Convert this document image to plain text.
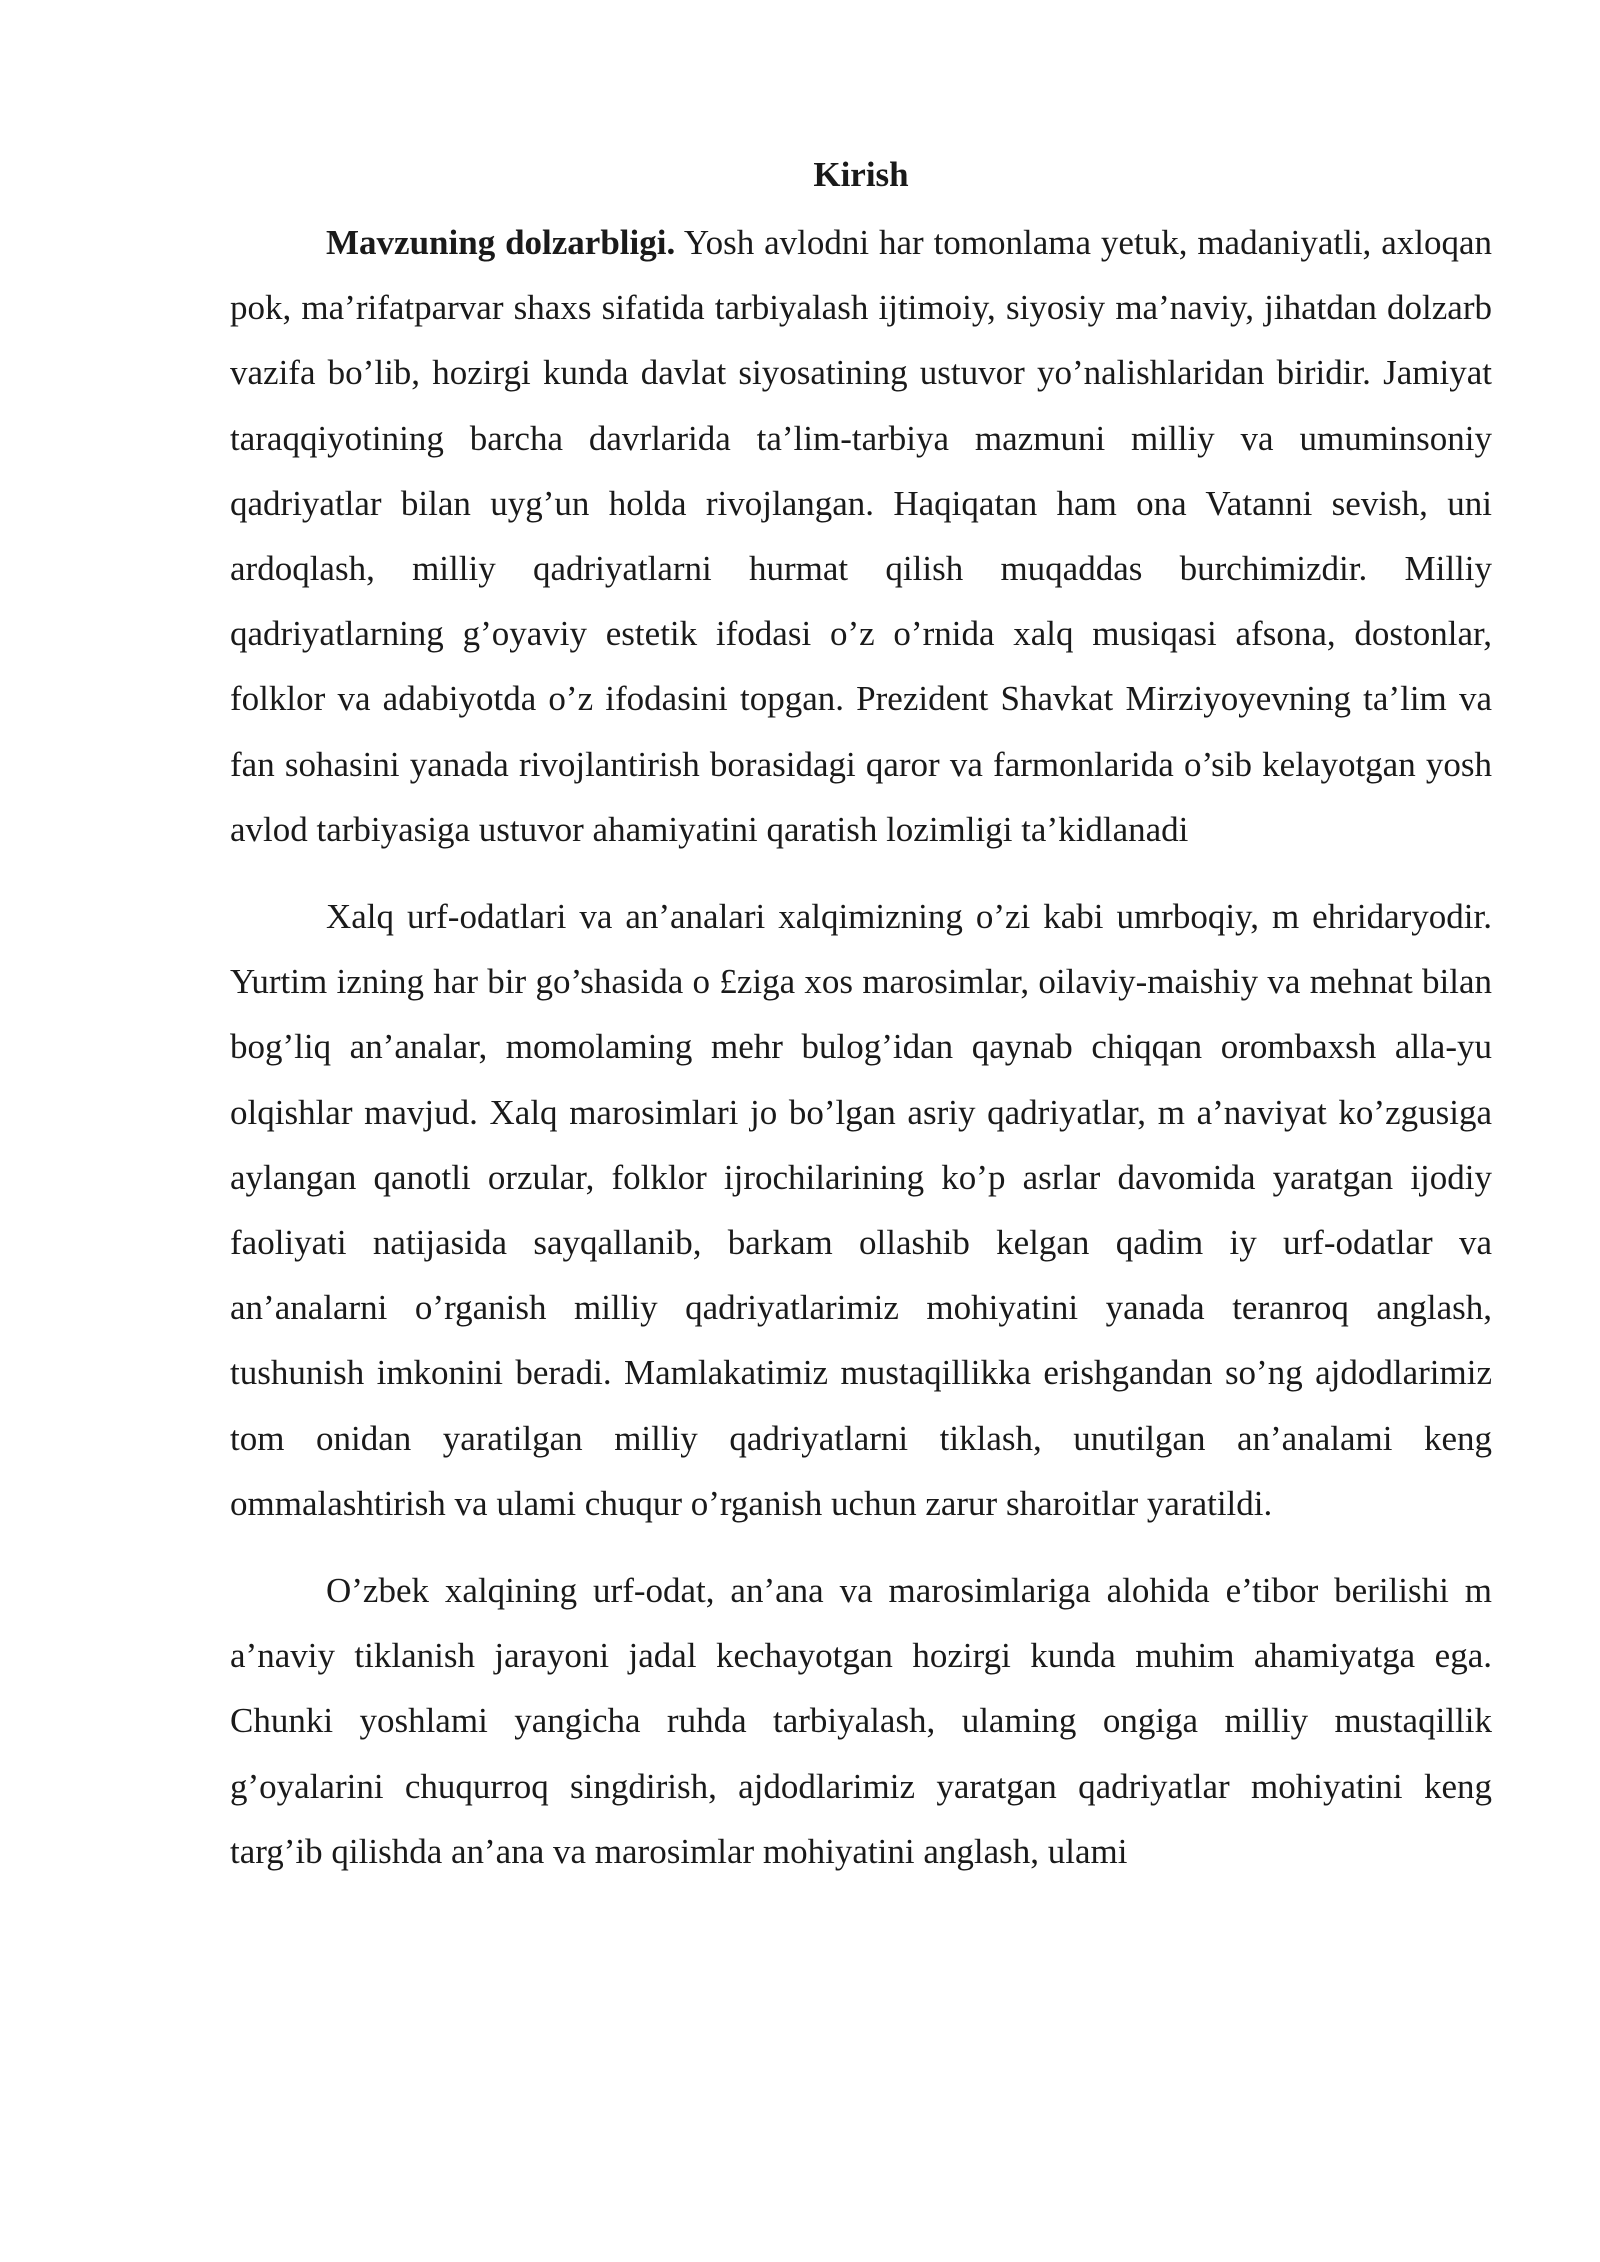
Kirish

Mavzuning dolzarbligi. Yosh avlodni har tomonlama yetuk, madaniyatli, axloqan pok, ma’rifatparvar shaxs sifatida tarbiyalash ijtimoiy, siyosiy ma’naviy, jihatdan dolzarb vazifa bo’lib, hozirgi kunda davlat siyosatining ustuvor yo’nalishlaridan biridir. Jamiyat taraqqiyotining barcha davrlarida ta’lim-tarbiya mazmuni milliy va umuminsoniy qadriyatlar bilan uyg’un holda rivojlangan. Haqiqatan ham ona Vatanni sevish, uni ardoqlash, milliy qadriyatlarni hurmat qilish muqaddas burchimizdir. Milliy qadriyatlarning g’oyaviy estetik ifodasi o’z o’rnida xalq musiqasi afsona, dostonlar, folklor va adabiyotda o’z ifodasini topgan. Prezident Shavkat Mirziyoyevning ta’lim va fan sohasini yanada rivojlantirish borasidagi qaror va farmonlarida o’sib kelayotgan yosh avlod tarbiyasiga ustuvor ahamiyatini qaratish lozimligi ta’kidlanadi

Xalq urf-odatlari va an’analari xalqimizning o’zi kabi umrboqiy, m ehridaryodir. Yurtim izning har bir go’shasida o £ziga xos marosimlar, oilaviy-maishiy va mehnat bilan bog’liq an’analar, momolaming mehr bulog’idan qaynab chiqqan orombaxsh alla-yu olqishlar mavjud. Xalq marosimlari jo bo’lgan asriy qadriyatlar, m a’naviyat ko’zgusiga aylangan qanotli orzular, folklor ijrochilarining ko’p asrlar davomida yaratgan ijodiy faoliyati natijasida sayqallanib, barkam ollashib kelgan qadim iy urf-odatlar va an’analarni o’rganish milliy qadriyatlarimiz mohiyatini yanada teranroq anglash, tushunish imkonini beradi. Mamlakatimiz mustaqillikka erishgandan so’ng ajdodlarimiz tom onidan yaratilgan milliy qadriyatlarni tiklash, unutilgan an’analami keng ommalashtirish va ulami chuqur o’rganish uchun zarur sharoitlar yaratildi.

O’zbek xalqining urf-odat, an’ana va marosimlariga alohida e’tibor berilishi m a’naviy tiklanish jarayoni jadal kechayotgan hozirgi kunda muhim ahamiyatga ega. Chunki yoshlami yangicha ruhda tarbiyalash, ulaming ongiga milliy mustaqillik g’oyalarini chuqurroq singdirish, ajdodlarimiz yaratgan qadriyatlar mohiyatini keng targ’ib qilishda an’ana va marosimlar mohiyatini anglash, ulami
